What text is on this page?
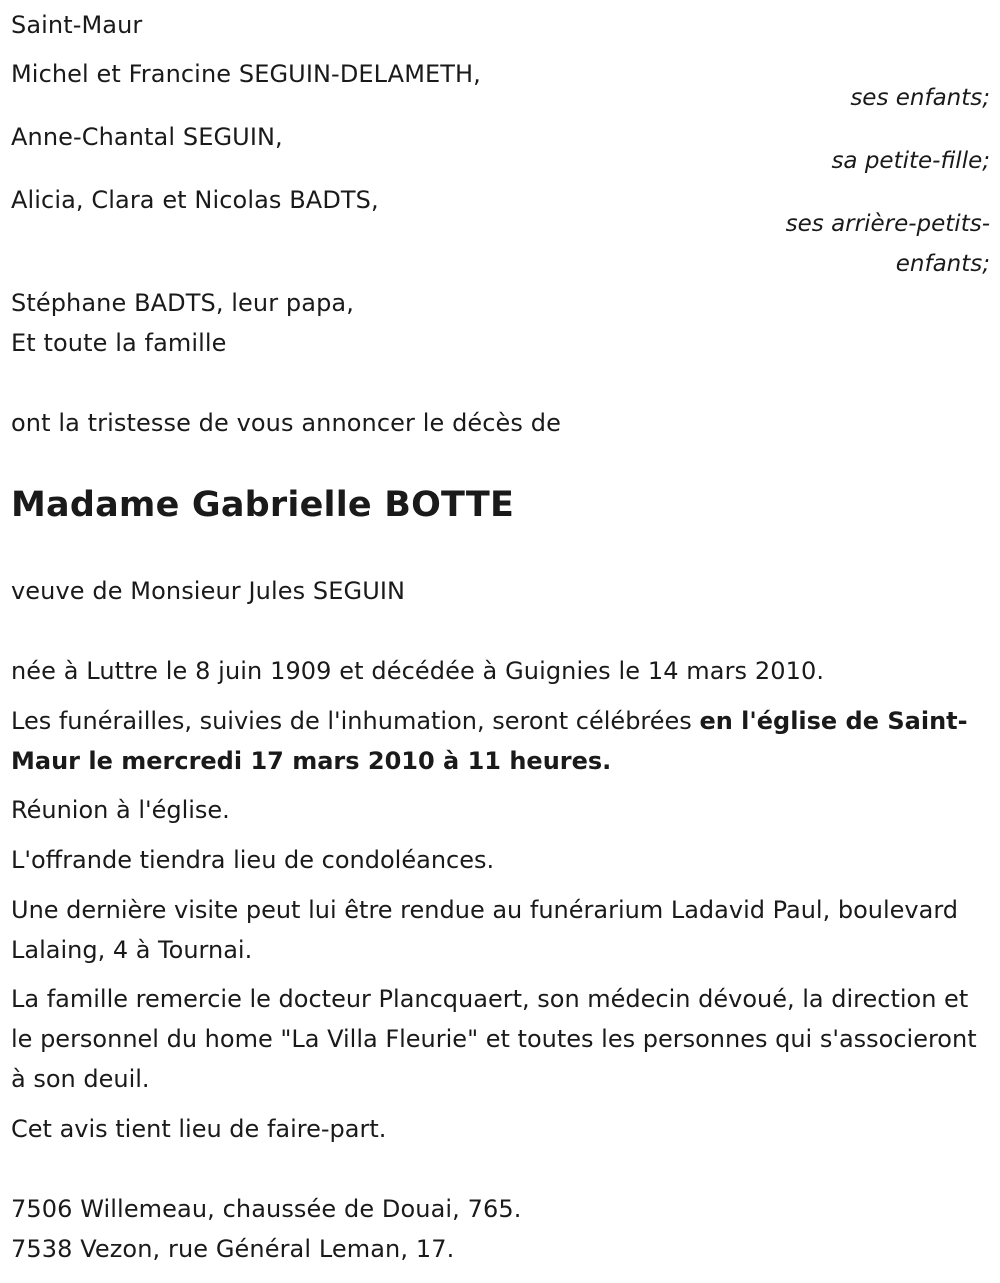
Saint-Maur
Michel et Francine SEGUIN-DELAMETH,
ses enfants;
Anne-Chantal SEGUIN,
sa petite-fille;
Alicia, Clara et Nicolas BADTS,
ses arrière-petits-
enfants;
Stéphane BADTS, leur papa,
Et toute la famille
ont la tristesse de vous annoncer le décès de
Madame Gabrielle BOTTE
veuve de Monsieur Jules SEGUIN
née à Luttre le 8 juin 1909 et décédée à Guignies le 14 mars 2010.
Les funérailles, suivies de l'inhumation, seront célébrées en l'église de Saint-Maur le mercredi 17 mars 2010 à 11 heures.
Réunion à l'église.
L'offrande tiendra lieu de condoléances.
Une dernière visite peut lui être rendue au funérarium Ladavid Paul, boulevard Lalaing, 4 à Tournai.
La famille remercie le docteur Plancquaert, son médecin dévoué, la direction et le personnel du home "La Villa Fleurie" et toutes les personnes qui s'associeront à son deuil.
Cet avis tient lieu de faire-part.
7506 Willemeau, chaussée de Douai, 765.
7538 Vezon, rue Général Leman, 17.
